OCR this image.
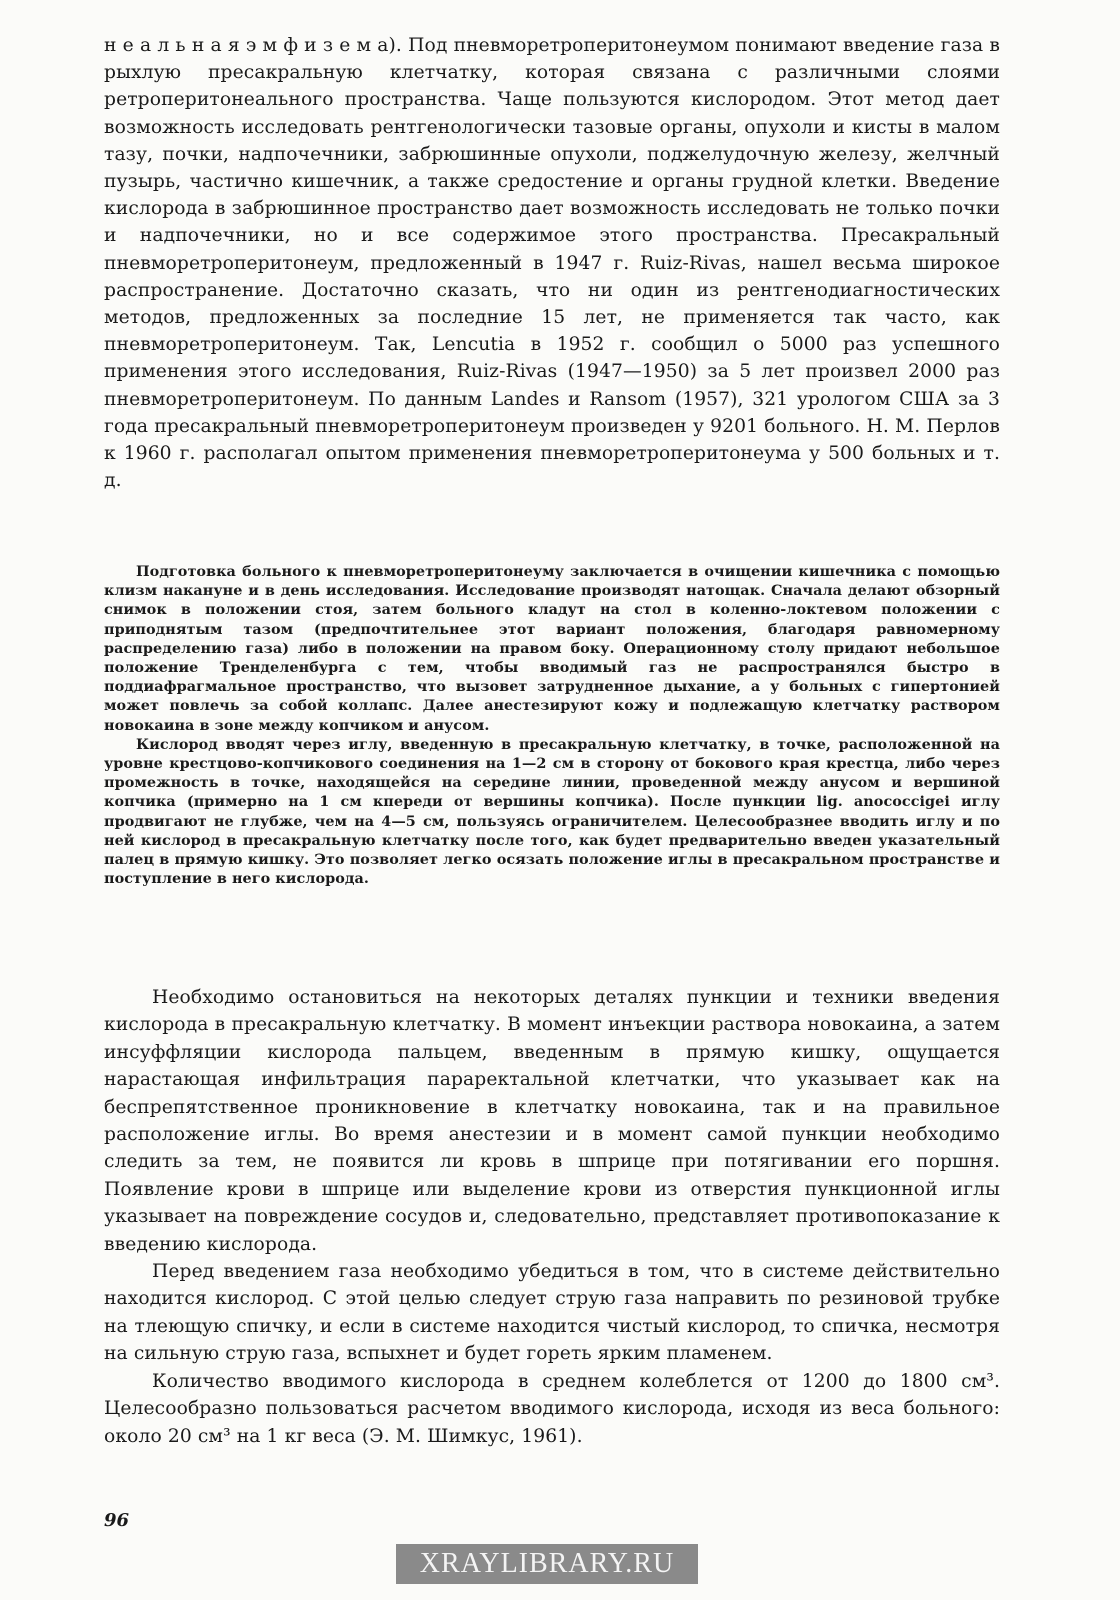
н е а л ь н а я э м ф и з е м а). Под пневморетроперитонеумом понимают введение газа в рыхлую пресакральную клетчатку, которая связана с различными слоями ретроперитонеального пространства. Чаще пользуются кислородом. Этот метод дает возможность исследовать рентгенологически тазовые органы, опухоли и кисты в малом тазу, почки, надпочечники, забрюшинные опухоли, поджелудочную железу, желчный пузырь, частично кишечник, а также средостение и органы грудной клетки. Введение кислорода в забрюшинное пространство дает возможность исследовать не только почки и надпочечники, но и все содержимое этого пространства. Пресакральный пневморетроперитонеум, предложенный в 1947 г. Ruiz-Rivas, нашел весьма широкое распространение. Достаточно сказать, что ни один из рентгенодиагностических методов, предложенных за последние 15 лет, не применяется так часто, как пневморетроперитонеум. Так, Lencutia в 1952 г. сообщил о 5000 раз успешного применения этого исследования, Ruiz-Rivas (1947—1950) за 5 лет произвел 2000 раз пневморетроперитонеум. По данным Landes и Ransom (1957), 321 урологом США за 3 года пресакральный пневморетроперитонеум произведен у 9201 больного. Н. М. Перлов к 1960 г. располагал опытом применения пневморетроперитонеума у 500 больных и т. д.

Подготовка больного к пневморетроперитонеуму заключается в очищении кишечника с помощью клизм накануне и в день исследования. Исследование производят натощак. Сначала делают обзорный снимок в положении стоя, затем больного кладут на стол в коленно-локтевом положении с приподнятым тазом (предпочтительнее этот вариант положения, благодаря равномерному распределению газа) либо в положении на правом боку. Операционному столу придают небольшое положение Тренделенбурга с тем, чтобы вводимый газ не распространялся быстро в поддиафрагмальное пространство, что вызовет затрудненное дыхание, а у больных с гипертонией может повлечь за собой коллапс. Далее анестезируют кожу и подлежащую клетчатку раствором новокаина в зоне между копчиком и анусом.

Кислород вводят через иглу, введенную в пресакральную клетчатку, в точке, расположенной на уровне крестцово-копчикового соединения на 1—2 см в сторону от бокового края крестца, либо через промежность в точке, находящейся на середине линии, проведенной между анусом и вершиной копчика (примерно на 1 см кпереди от вершины копчика). После пункции lig. anococcigei иглу продвигают не глубже, чем на 4—5 см, пользуясь ограничителем. Целесообразнее вводить иглу и по ней кислород в пресакральную клетчатку после того, как будет предварительно введен указательный палец в прямую кишку. Это позволяет легко осязать положение иглы в пресакральном пространстве и поступление в него кислорода.

Необходимо остановиться на некоторых деталях пункции и техники введения кислорода в пресакральную клетчатку. В момент инъекции раствора новокаина, а затем инсуффляции кислорода пальцем, введенным в прямую кишку, ощущается нарастающая инфильтрация параректальной клетчатки, что указывает как на беспрепятственное проникновение в клетчатку новокаина, так и на правильное расположение иглы. Во время анестезии и в момент самой пункции необходимо следить за тем, не появится ли кровь в шприце при потягивании его поршня. Появление крови в шприце или выделение крови из отверстия пункционной иглы указывает на повреждение сосудов и, следовательно, представляет противопоказание к введению кислорода.

Перед введением газа необходимо убедиться в том, что в системе действительно находится кислород. С этой целью следует струю газа направить по резиновой трубке на тлеющую спичку, и если в системе находится чистый кислород, то спичка, несмотря на сильную струю газа, вспыхнет и будет гореть ярким пламенем.

Количество вводимого кислорода в среднем колеблется от 1200 до 1800 см³. Целесообразно пользоваться расчетом вводимого кислорода, исходя из веса больного: около 20 см³ на 1 кг веса (Э. М. Шимкус, 1961).

96
XRAYLIBRARY.RU
